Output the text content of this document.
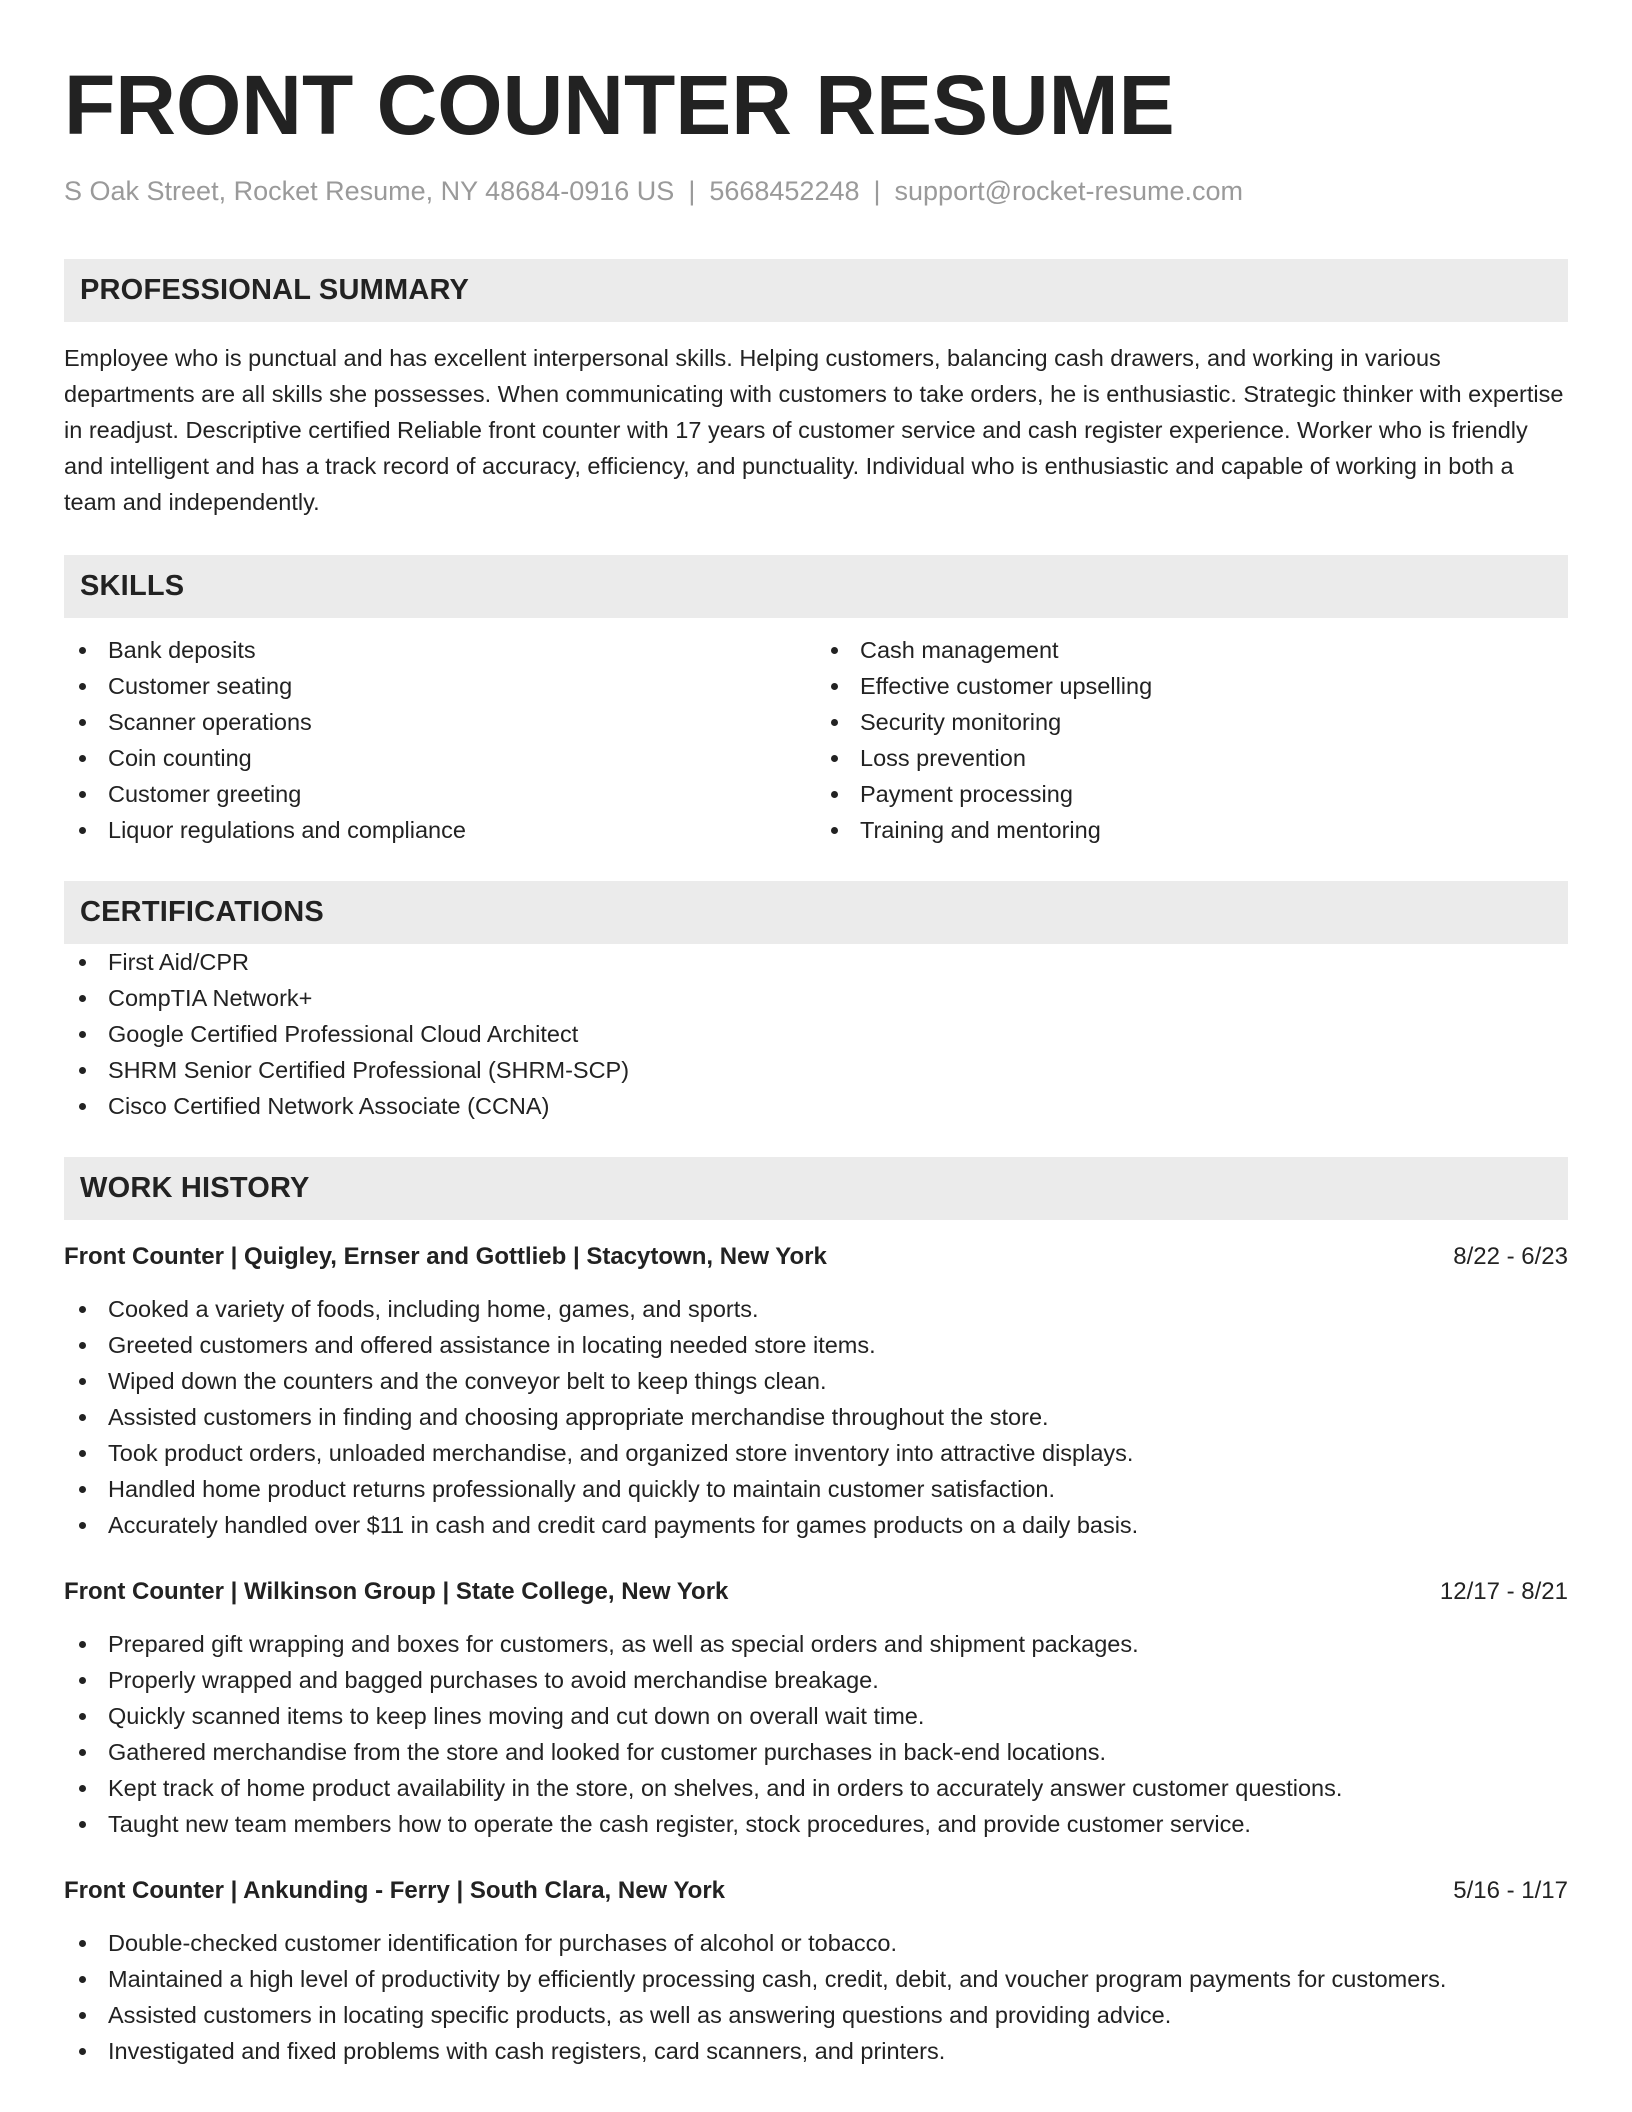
FRONT COUNTER RESUME
S Oak Street, Rocket Resume, NY 48684-0916 US | 5668452248 | support@rocket-resume.com
PROFESSIONAL SUMMARY

Employee who is punctual and has excellent interpersonal skills. Helping customers, balancing cash drawers, and working in various departments are all skills she possesses. When communicating with customers to take orders, he is enthusiastic. Strategic thinker with expertise in readjust. Descriptive certified Reliable front counter with 17 years of customer service and cash register experience. Worker who is friendly and intelligent and has a track record of accuracy, efficiency, and punctuality. Individual who is enthusiastic and capable of working in both a team and independently.

SKILLS
Bank deposits
Customer seating
Scanner operations
Coin counting
Customer greeting
Liquor regulations and compliance
Cash management
Effective customer upselling
Security monitoring
Loss prevention
Payment processing
Training and mentoring
CERTIFICATIONS
First Aid/CPR
CompTIA Network+
Google Certified Professional Cloud Architect
SHRM Senior Certified Professional (SHRM-SCP)
Cisco Certified Network Associate (CCNA)
WORK HISTORY
Front Counter | Quigley, Ernser and Gottlieb | Stacytown, New York	8/22 - 6/23
Cooked a variety of foods, including home, games, and sports.
Greeted customers and offered assistance in locating needed store items.
Wiped down the counters and the conveyor belt to keep things clean.
Assisted customers in finding and choosing appropriate merchandise throughout the store.
Took product orders, unloaded merchandise, and organized store inventory into attractive displays.
Handled home product returns professionally and quickly to maintain customer satisfaction.
Accurately handled over $11 in cash and credit card payments for games products on a daily basis.
Front Counter | Wilkinson Group | State College, New York	12/17 - 8/21
Prepared gift wrapping and boxes for customers, as well as special orders and shipment packages.
Properly wrapped and bagged purchases to avoid merchandise breakage.
Quickly scanned items to keep lines moving and cut down on overall wait time.
Gathered merchandise from the store and looked for customer purchases in back-end locations.
Kept track of home product availability in the store, on shelves, and in orders to accurately answer customer questions.
Taught new team members how to operate the cash register, stock procedures, and provide customer service.
Front Counter | Ankunding - Ferry | South Clara, New York	5/16 - 1/17
Double-checked customer identification for purchases of alcohol or tobacco.
Maintained a high level of productivity by efficiently processing cash, credit, debit, and voucher program payments for customers.
Assisted customers in locating specific products, as well as answering questions and providing advice.
Investigated and fixed problems with cash registers, card scanners, and printers.
